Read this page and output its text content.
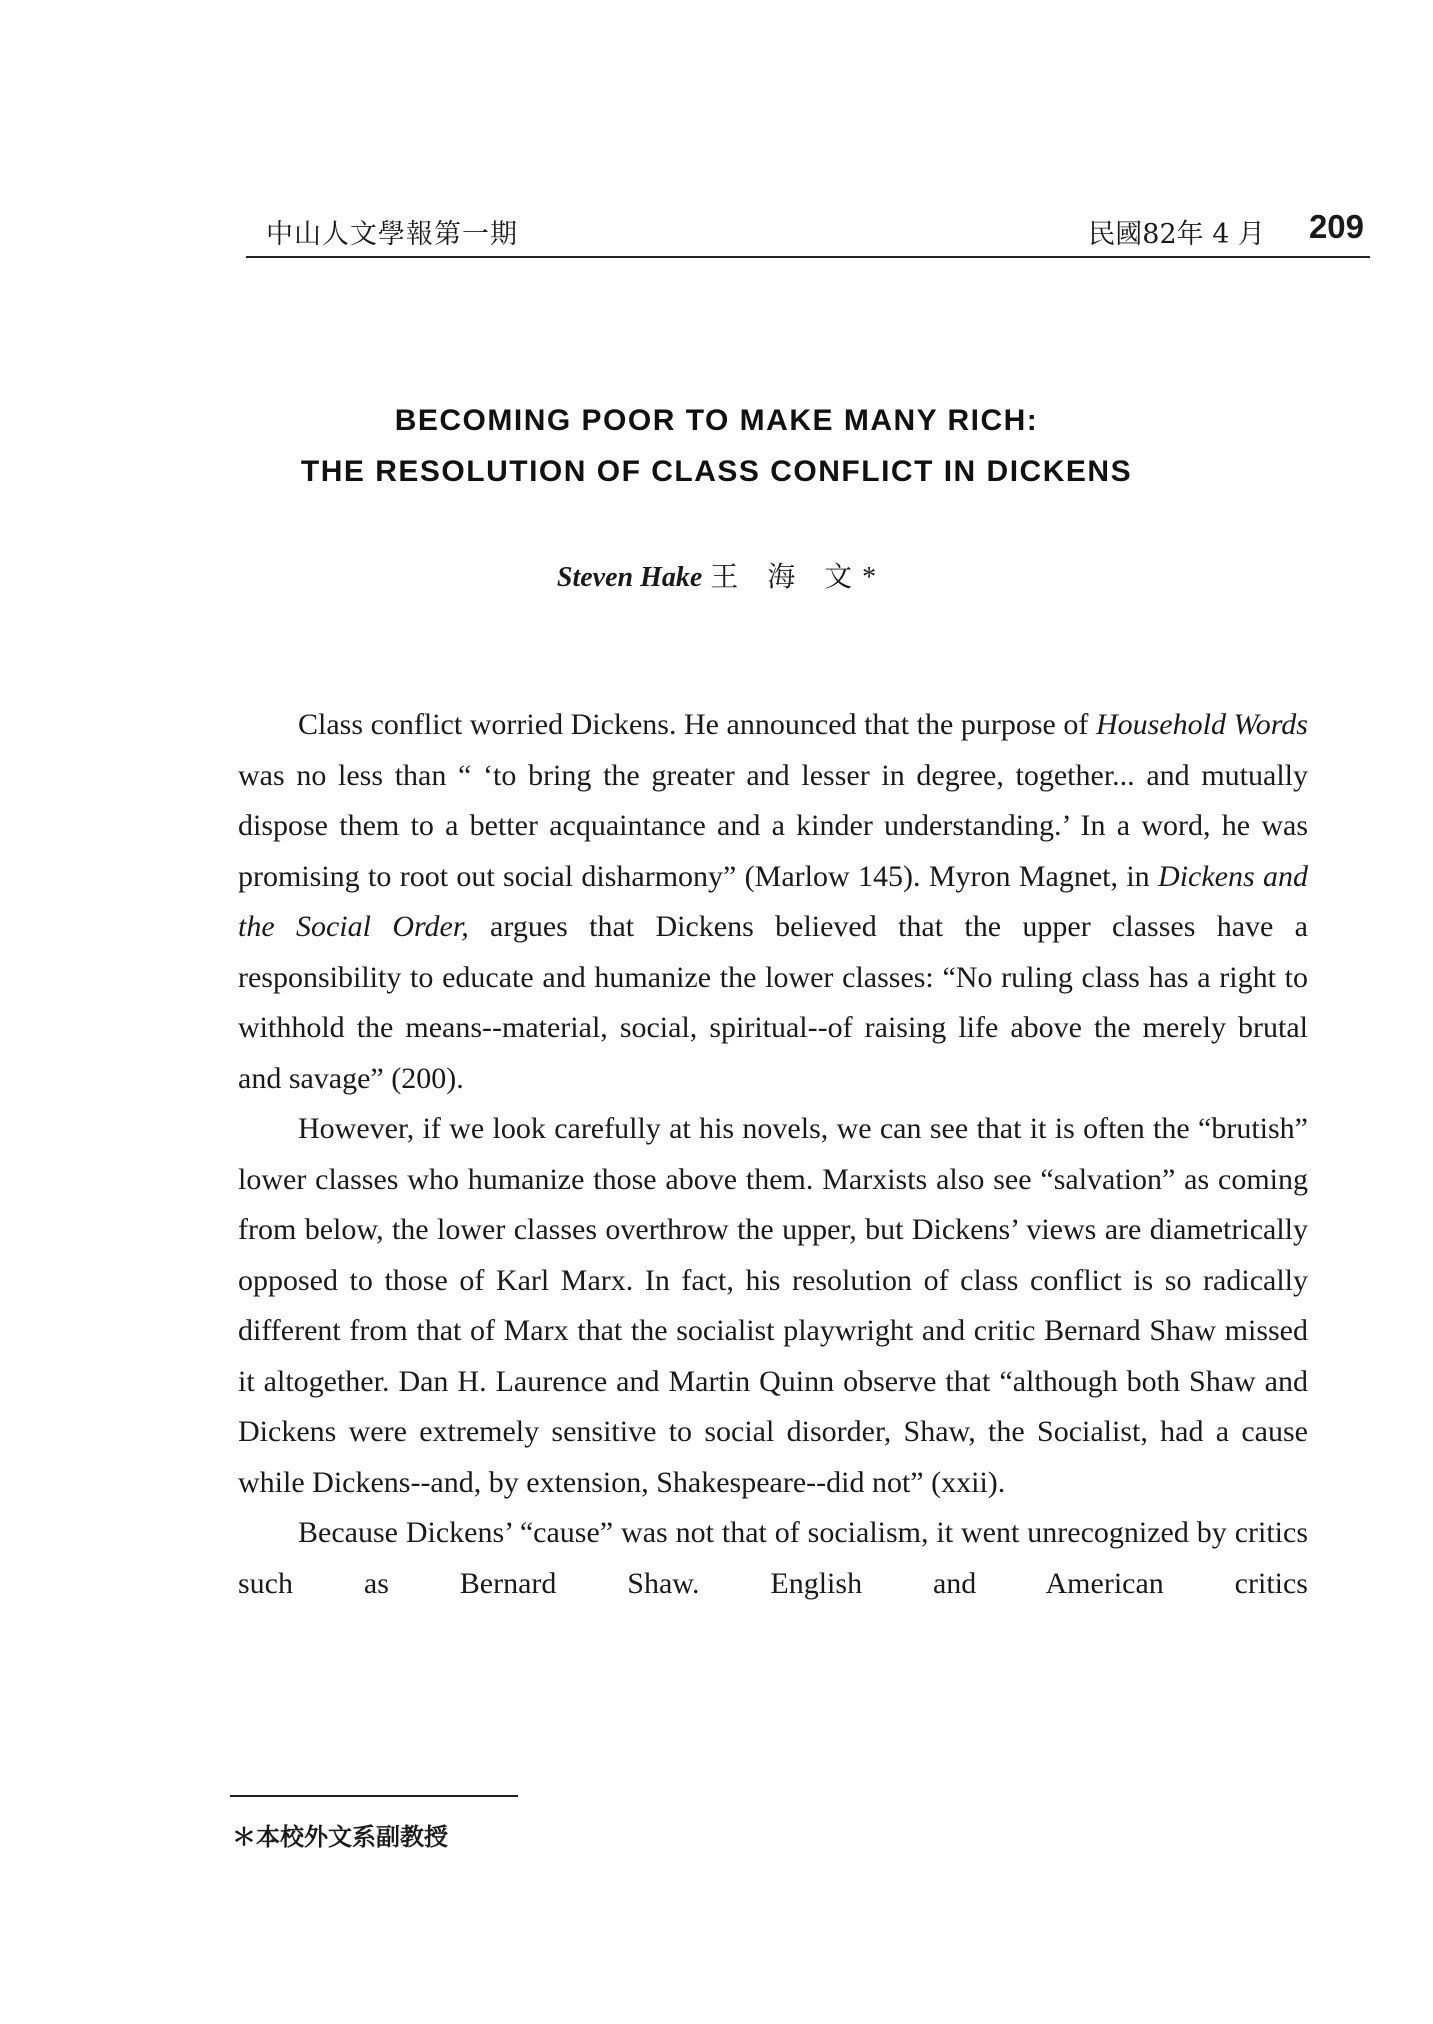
中山人文學報第一期	民國82年 4 月 209
BECOMING POOR TO MAKE MANY RICH:
THE RESOLUTION OF CLASS CONFLICT IN DICKENS
Steven Hake 王 海 文*

Class conflict worried Dickens. He announced that the purpose of Household Words was no less than “ ‘to bring the greater and lesser in degree, together... and mutually dispose them to a better acquaintance and a kinder understanding.’ In a word, he was promising to root out social disharmony” (Marlow 145). Myron Magnet, in Dickens and the Social Order, argues that Dickens believed that the upper classes have a responsibility to educate and humanize the lower classes: “No ruling class has a right to withhold the means--material, social, spiritual--of raising life above the merely brutal and savage” (200).

However, if we look carefully at his novels, we can see that it is often the “brutish” lower classes who humanize those above them. Marxists also see “salvation” as coming from below, the lower classes overthrow the upper, but Dickens’ views are diametrically opposed to those of Karl Marx. In fact, his resolution of class conflict is so radically different from that of Marx that the socialist playwright and critic Bernard Shaw missed it altogether. Dan H. Laurence and Martin Quinn observe that “although both Shaw and Dickens were extremely sensitive to social disorder, Shaw, the Socialist, had a cause while Dickens--and, by extension, Shakespeare--did not” (xxii).

Because Dickens’ “cause” was not that of socialism, it went unrecognized by critics such as Bernard Shaw. English and American critics

＊本校外文系副教授
